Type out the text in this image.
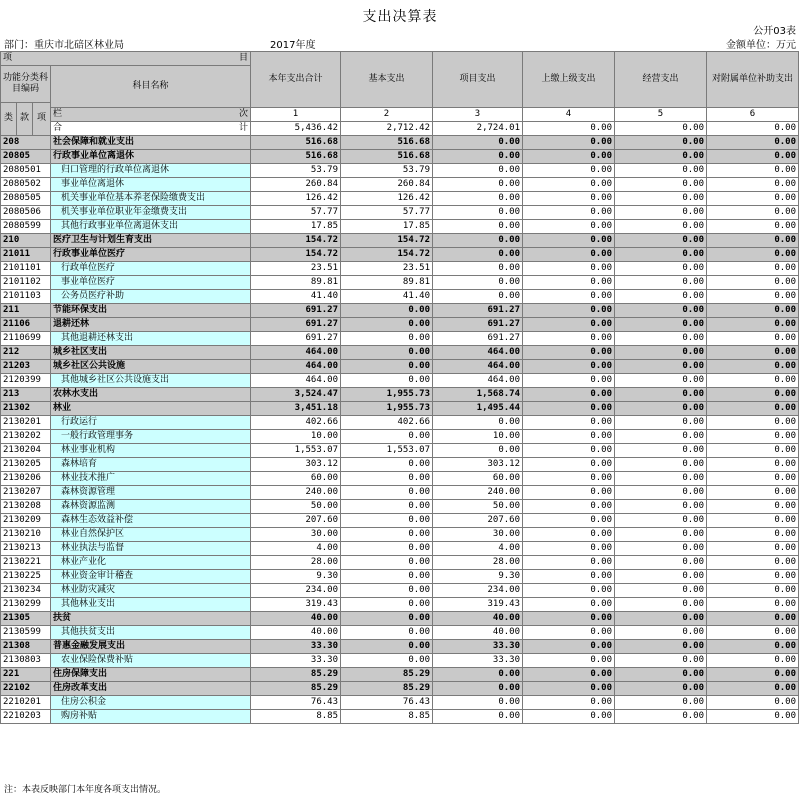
支出决算表
公开03表
部门：重庆市北碚区林业局	2017年度	金额单位：万元
项			目	本年支出合计	基本支出	项目支出	上缴上级支出	经营支出	对附属单位补助支出
功能分类科目编码			科目名称						

类	款	项							

			栏 次	1	2	3	4	5	6

			合 计	5,436.42	2,712.42	2,724.01	0.00	0.00	0.00
208			社会保障和就业支出	516.68	516.68	0.00	0.00	0.00	0.00
20805			行政事业单位离退休	516.68	516.68	0.00	0.00	0.00	0.00
2080501			归口管理的行政单位离退休	53.79	53.79	0.00	0.00	0.00	0.00
2080502			事业单位离退休	260.84	260.84	0.00	0.00	0.00	0.00
2080505			机关事业单位基本养老保险缴费支出	126.42	126.42	0.00	0.00	0.00	0.00
2080506			机关事业单位职业年金缴费支出	57.77	57.77	0.00	0.00	0.00	0.00
2080599			其他行政事业单位离退休支出	17.85	17.85	0.00	0.00	0.00	0.00
210			医疗卫生与计划生育支出	154.72	154.72	0.00	0.00	0.00	0.00
21011			行政事业单位医疗	154.72	154.72	0.00	0.00	0.00	0.00
2101101			行政单位医疗	23.51	23.51	0.00	0.00	0.00	0.00
2101102			事业单位医疗	89.81	89.81	0.00	0.00	0.00	0.00
2101103			公务员医疗补助	41.40	41.40	0.00	0.00	0.00	0.00
211			节能环保支出	691.27	0.00	691.27	0.00	0.00	0.00
21106			退耕还林	691.27	0.00	691.27	0.00	0.00	0.00
2110699			其他退耕还林支出	691.27	0.00	691.27	0.00	0.00	0.00
212			城乡社区支出	464.00	0.00	464.00	0.00	0.00	0.00
21203			城乡社区公共设施	464.00	0.00	464.00	0.00	0.00	0.00
2120399			其他城乡社区公共设施支出	464.00	0.00	464.00	0.00	0.00	0.00
213			农林水支出	3,524.47	1,955.73	1,568.74	0.00	0.00	0.00
21302			林业	3,451.18	1,955.73	1,495.44	0.00	0.00	0.00
2130201			行政运行	402.66	402.66	0.00	0.00	0.00	0.00
2130202			一般行政管理事务	10.00	0.00	10.00	0.00	0.00	0.00
2130204			林业事业机构	1,553.07	1,553.07	0.00	0.00	0.00	0.00
2130205			森林培育	303.12	0.00	303.12	0.00	0.00	0.00
2130206			林业技术推广	60.00	0.00	60.00	0.00	0.00	0.00
2130207			森林资源管理	240.00	0.00	240.00	0.00	0.00	0.00
2130208			森林资源监测	50.00	0.00	50.00	0.00	0.00	0.00
2130209			森林生态效益补偿	207.60	0.00	207.60	0.00	0.00	0.00
2130210			林业自然保护区	30.00	0.00	30.00	0.00	0.00	0.00
2130213			林业执法与监督	4.00	0.00	4.00	0.00	0.00	0.00
2130221			林业产业化	28.00	0.00	28.00	0.00	0.00	0.00
2130225			林业资金审计稽查	9.30	0.00	9.30	0.00	0.00	0.00
2130234			林业防灾减灾	234.00	0.00	234.00	0.00	0.00	0.00
2130299			其他林业支出	319.43	0.00	319.43	0.00	0.00	0.00
21305			扶贫	40.00	0.00	40.00	0.00	0.00	0.00
2130599			其他扶贫支出	40.00	0.00	40.00	0.00	0.00	0.00
21308			普惠金融发展支出	33.30	0.00	33.30	0.00	0.00	0.00
2130803			农业保险保费补贴	33.30	0.00	33.30	0.00	0.00	0.00
221			住房保障支出	85.29	85.29	0.00	0.00	0.00	0.00
22102			住房改革支出	85.29	85.29	0.00	0.00	0.00	0.00
2210201			住房公积金	76.43	76.43	0.00	0.00	0.00	0.00
2210203			购房补贴	8.85	8.85	0.00	0.00	0.00	0.00
注：本表反映部门本年度各项支出情况。
